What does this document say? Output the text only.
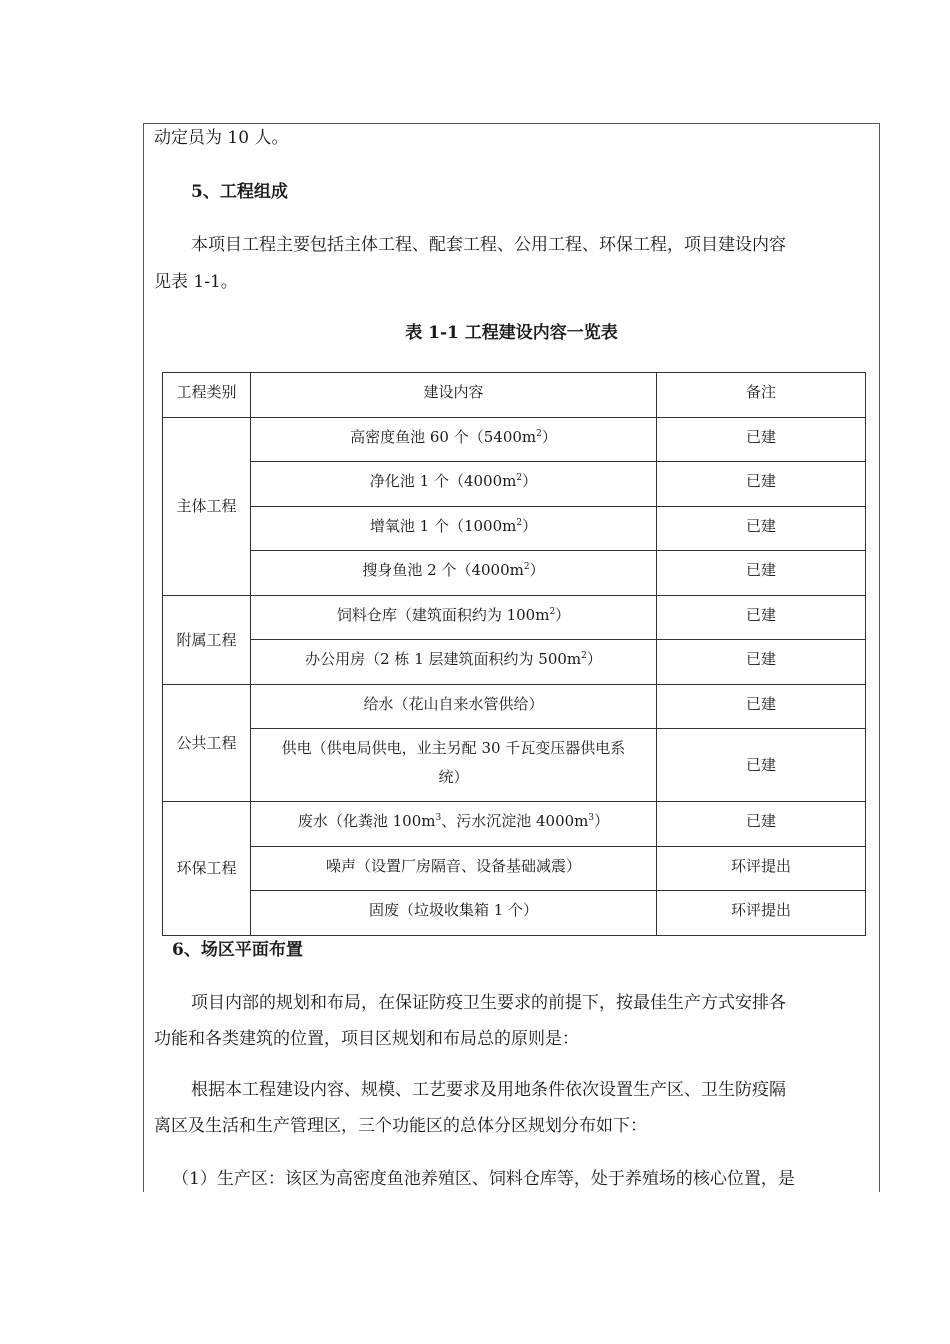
动定员为 10 人。
5、工程组成
本项目工程主要包括主体工程、配套工程、公用工程、环保工程，项目建设内容
见表 1-1。
表 1-1 工程建设内容一览表
工程类别	建设内容	备注
主体工程	高密度鱼池 60 个$(5400m^2)$	已建
	净化池 1 个$(4000m^2)$	已建
	增氧池 1 个$(1000m^2)$	已建
	搜身鱼池 2 个$(4000m^2)$	已建
附属工程	饲料仓库（建筑面积约为 $100m^2$）	已建
	办公用房（2 栋 1 层建筑面积约为 $500m^2$）	已建
公共工程	给水（花山自来水管供给）	已建

	供电（供电局供电，业主另配 30 千瓦变压器供电系
统）	已建
环保工程	废水（化粪池 $100m^3$、污水沉淀池 $4000m^3$）	已建
	噪声（设置厂房隔音、设备基础减震）	环评提出
	固废（垃圾收集箱 1 个）	环评提出
6、场区平面布置
项目内部的规划和布局，在保证防疫卫生要求的前提下，按最佳生产方式安排各
功能和各类建筑的位置，项目区规划和布局总的原则是：
根据本工程建设内容、规模、工艺要求及用地条件依次设置生产区、卫生防疫隔
离区及生活和生产管理区，三个功能区的总体分区规划分布如下：
（1）生产区：该区为高密度鱼池养殖区、饲料仓库等，处于养殖场的核心位置，是
